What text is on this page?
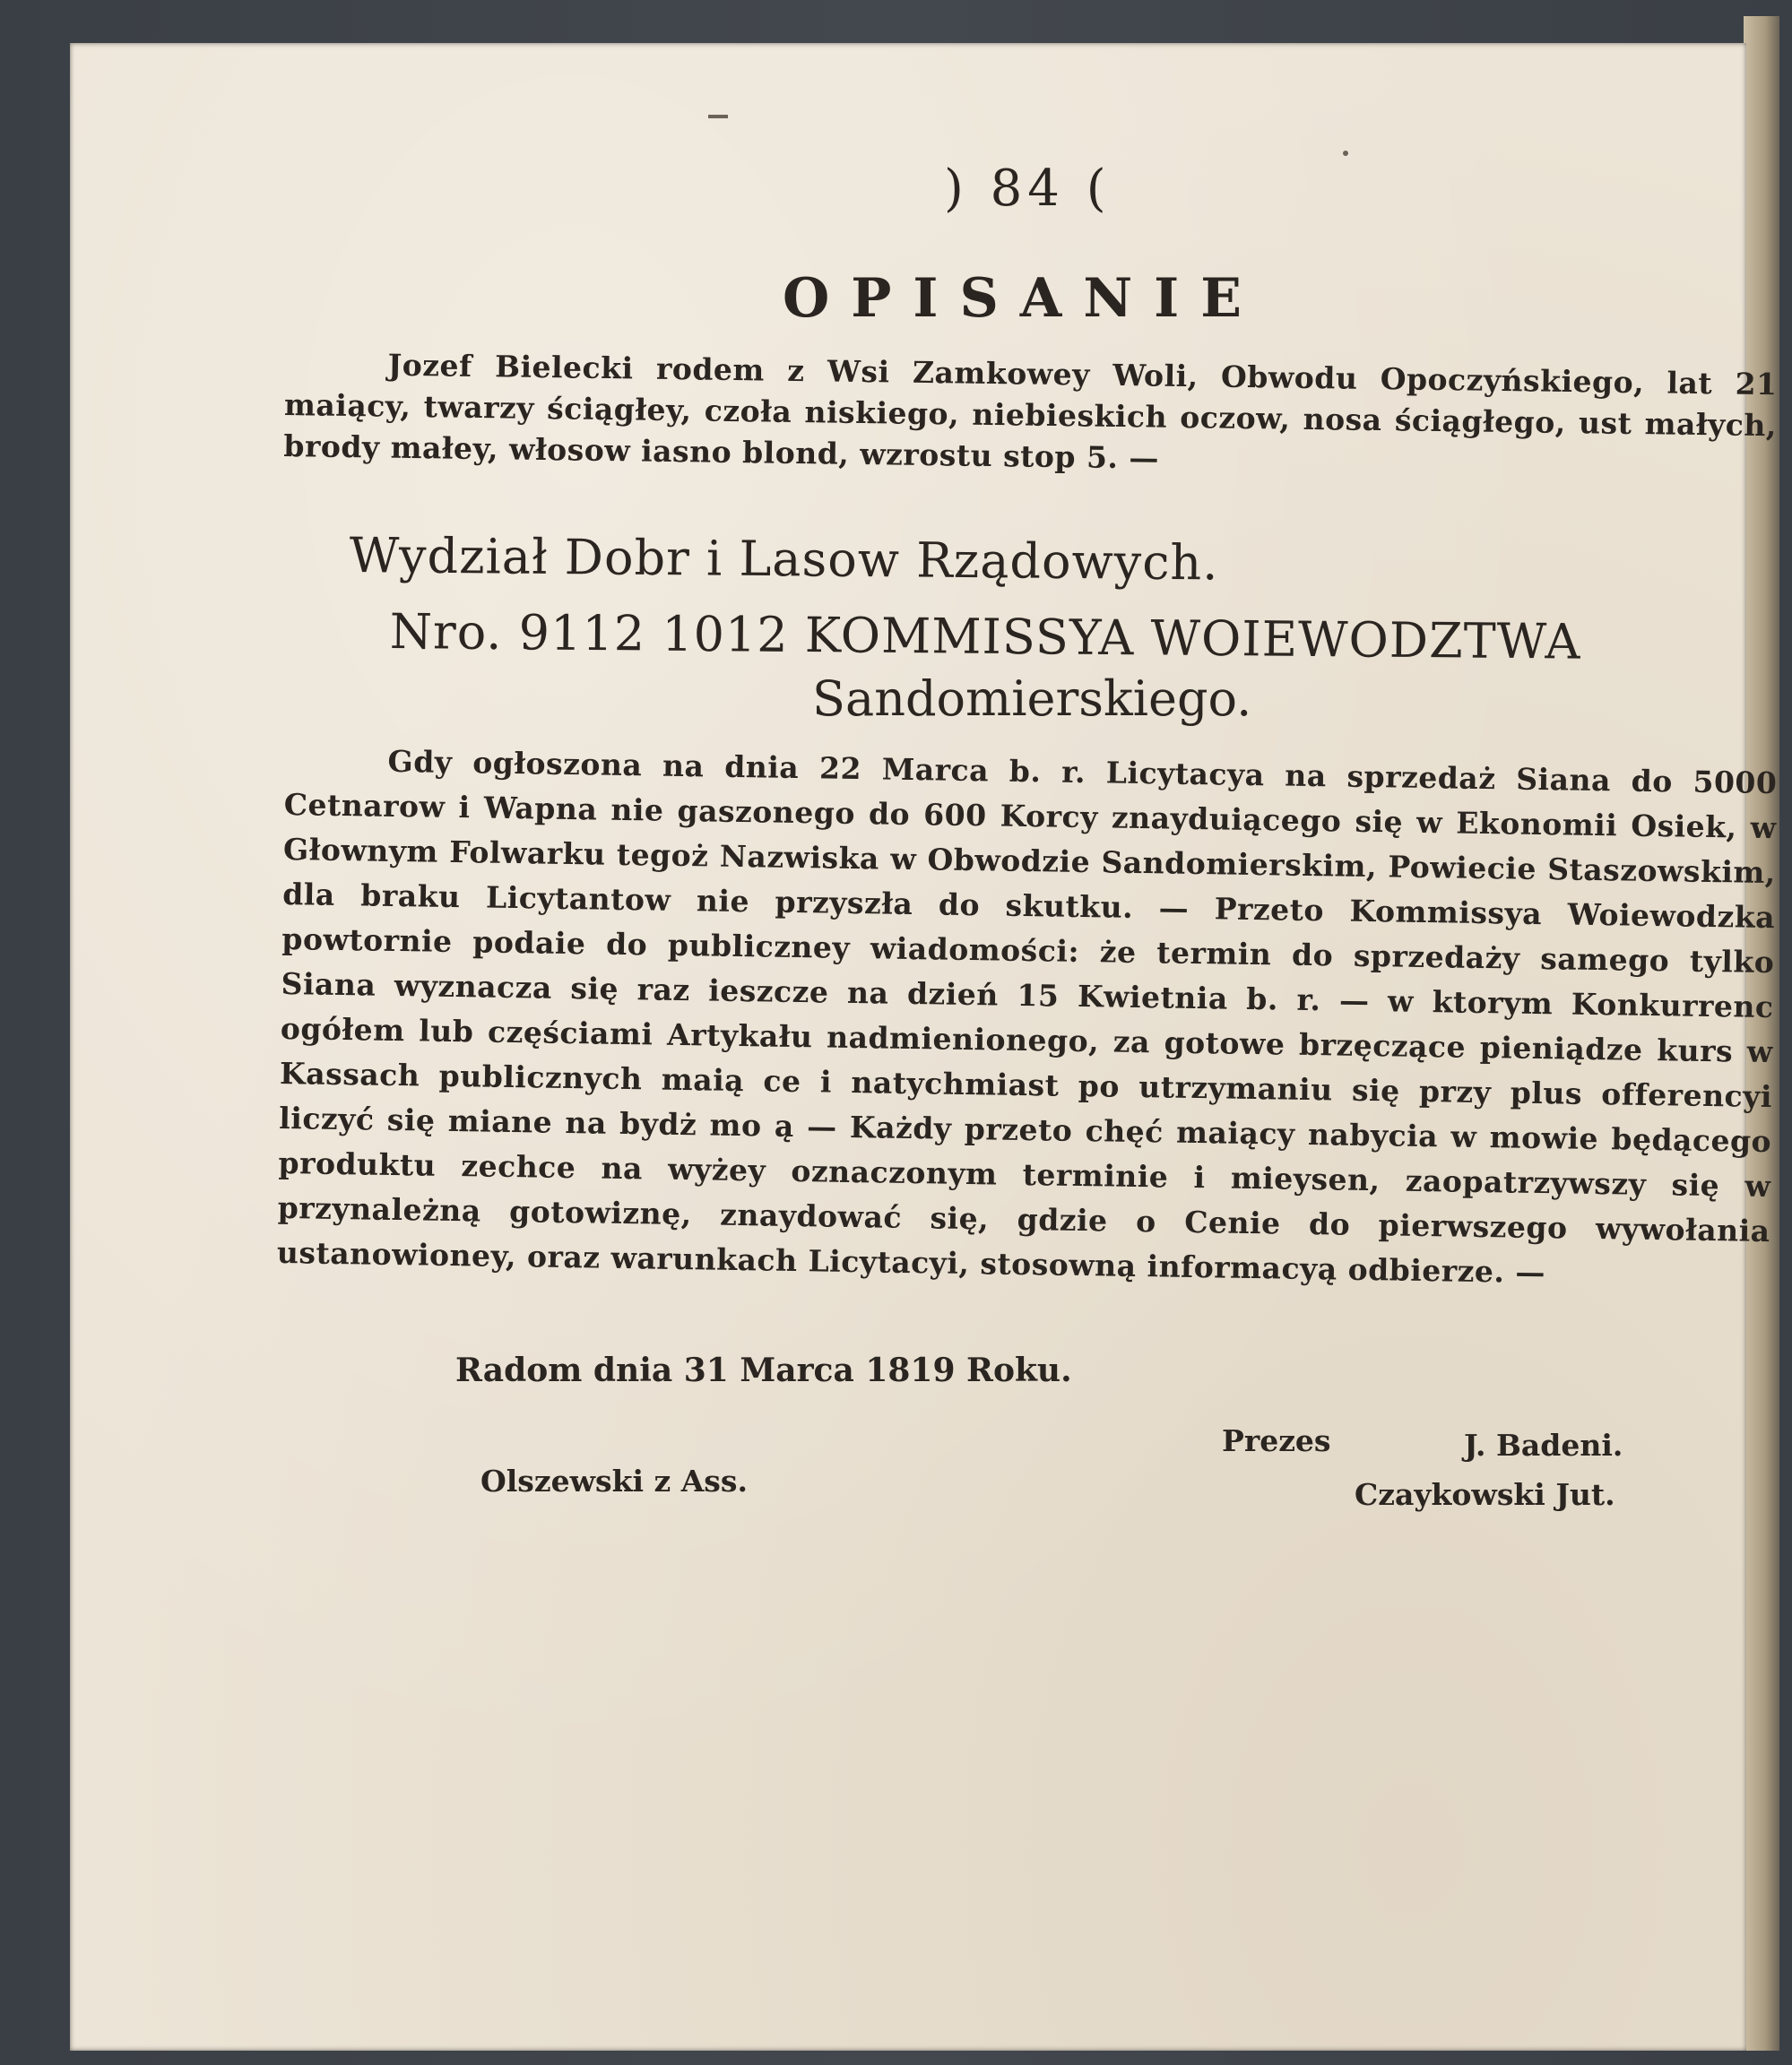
) 84 (
OPISANIE
Jozef Bielecki rodem z Wsi Zamkowey Woli, Obwodu Opoczyńskiego, lat 21 maiący, twarzy ściągłey, czoła niskiego, niebieskich oczow, nosa ściągłego, ust małych, brody małey, włosow iasno blond, wzrostu stop 5. —
Wydział Dobr i Lasow Rządowych.
Nro. 9112 1012 KOMMISSYA WOIEWODZTWA
Sandomierskiego.
Gdy ogłoszona na dnia 22 Marca b. r. Licytacya na sprzedaż Siana do 5000 Cetnarow i Wapna nie gaszonego do 600 Korcy znayduiącego się w Ekonomii Osiek, w Głownym Folwarku tegoż Nazwiska w Obwodzie Sandomierskim, Powiecie Staszowskim, dla braku Licytantow nie przyszła do skutku. — Przeto Kommissya Woiewodzka powtornie podaie do publiczney wiadomości: że termin do sprzedaży samego tylko Siana wyznacza się raz ieszcze na dzień 15 Kwietnia b. r. — w ktorym Konkurrenc ogółem lub częściami Artykału nadmienionego, za gotowe brzęczące pieniądze kurs w Kassach publicznych maią ce i natychmiast po utrzymaniu się przy plus offerencyi liczyć się miane na bydż mo ą — Każdy przeto chęć maiący nabycia w mowie będącego produktu zechce na wyżey oznaczonym terminie i mieysen, zaopatrzywszy się w przynależną gotowiznę, znaydować się, gdzie o Cenie do pierwszego wywołania ustanowioney, oraz warunkach Licytacyi, stosowną informacyą odbierze. —
Radom dnia 31 Marca 1819 Roku.
Prezes	J. Badeni.
Olszewski z Ass.	Czaykowski Jut.
